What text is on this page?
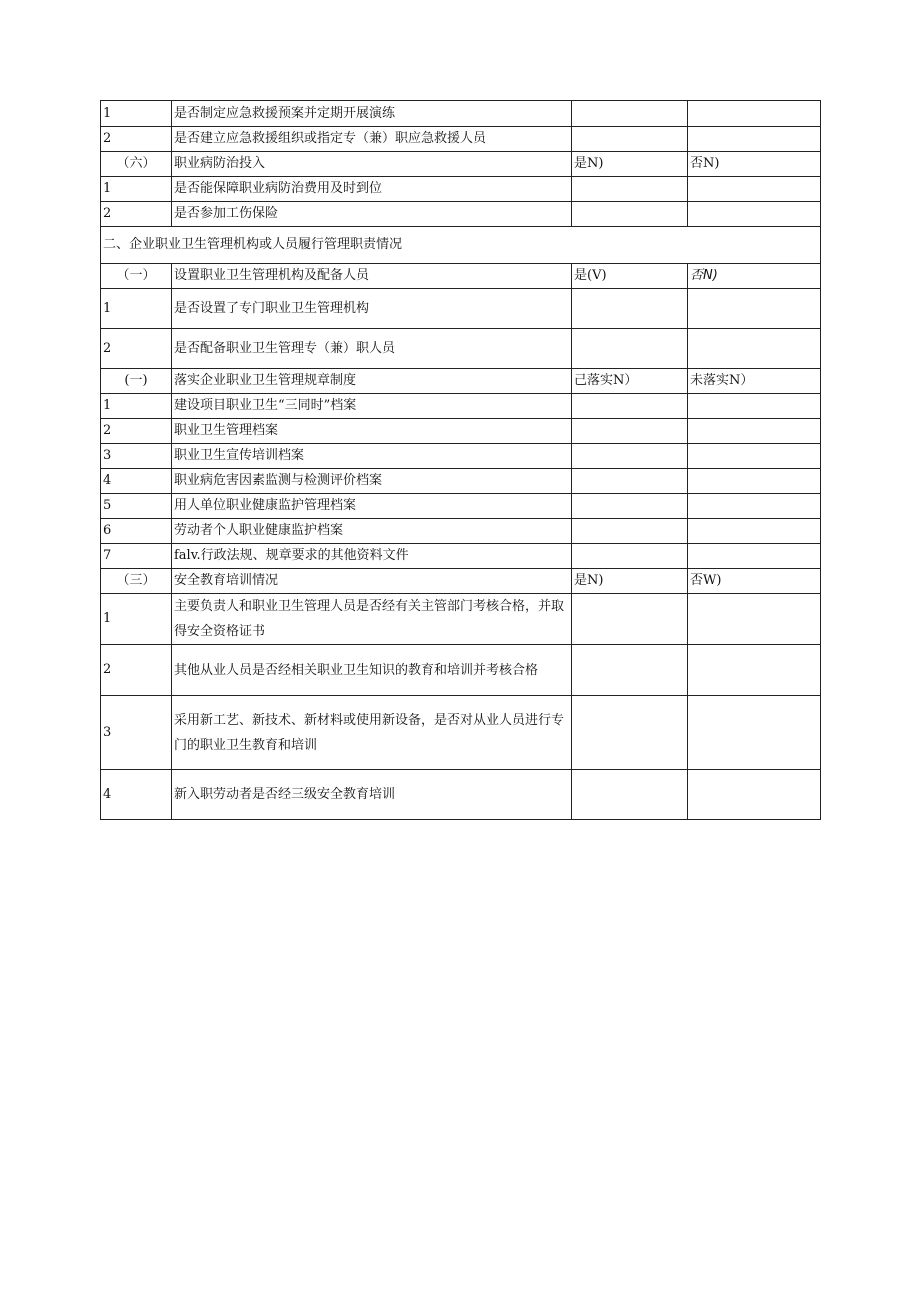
1	是否制定应急救援预案并定期开展演练		
2	是否建立应急救援组织或指定专（兼）职应急救援人员		
（六）	职业病防治投入	是N)	否N)
1	是否能保障职业病防治费用及时到位		
2	是否参加工伤保险		
二、企业职业卫生管理机构或人员履行管理职责情况			
（一）	设置职业卫生管理机构及配备人员	是(V)	否N)
1	是否设置了专门职业卫生管理机构		
2	是否配备职业卫生管理专（兼）职人员		
(一)	落实企业职业卫生管理规章制度	己落实N）	未落实N）
1	建设项目职业卫生“三同时”档案		
2	职业卫生管理档案		
3	职业卫生宣传培训档案		
4	职业病危害因素监测与检测评价档案		
5	用人单位职业健康监护管理档案		
6	劳动者个人职业健康监护档案		
7	falv.行政法规、规章要求的其他资料文件		
（三）	安全教育培训情况	是N)	否W)
1	主要负责人和职业卫生管理人员是否经有关主管部门考核合格，并取得安全资格证书		
2	其他从业人员是否经相关职业卫生知识的教育和培训并考核合格		
3	采用新工艺、新技术、新材料或使用新设备，是否对从业人员进行专门的职业卫生教育和培训		
4	新入职劳动者是否经三级安全教育培训		
